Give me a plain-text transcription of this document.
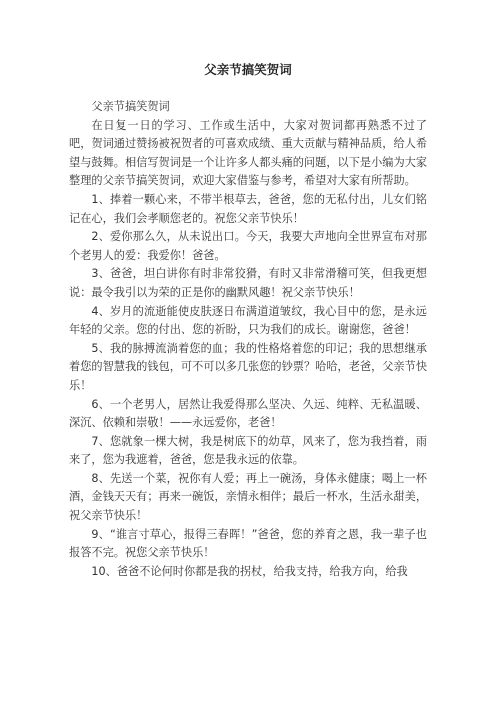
父亲节搞笑贺词

父亲节搞笑贺词

在日复一日的学习、工作或生活中，大家对贺词都再熟悉不过了吧，贺词通过赞扬被祝贺者的可喜欢成绩、重大贡献与精神品质，给人希望与鼓舞。相信写贺词是一个让许多人都头痛的问题，以下是小编为大家整理的父亲节搞笑贺词，欢迎大家借鉴与参考，希望对大家有所帮助。

1、捧着一颗心来，不带半根草去，爸爸，您的无私付出，儿女们铭记在心，我们会孝顺您老的。祝您父亲节快乐！

2、爱你那么久，从未说出口。今天，我要大声地向全世界宣布对那个老男人的爱：我爱你！爸爸。

3、爸爸，坦白讲你有时非常狡猾，有时又非常滑稽可笑，但我更想说：最令我引以为荣的正是你的幽默风趣！祝父亲节快乐！

4、岁月的流逝能使皮肤逐日布满道道皱纹，我心目中的您，是永远年轻的父亲。您的付出、您的祈盼，只为我们的成长。谢谢您，爸爸！

5、我的脉搏流淌着您的血；我的性格烙着您的印记；我的思想继承着您的智慧我的钱包，可不可以多几张您的钞票？哈哈，老爸，父亲节快乐！

6、一个老男人，居然让我爱得那么坚决、久远、纯粹、无私温暖、深沉、依赖和崇敬！——永远爱你，老爸！

7、您就象一棵大树，我是树底下的幼草，风来了，您为我挡着，雨来了，您为我遮着，爸爸，您是我永远的依靠。

8、先送一个菜，祝你有人爱；再上一碗汤，身体永健康；喝上一杯酒，金钱天天有；再来一碗饭，亲情永相伴；最后一杯水，生活永甜美，祝父亲节快乐！

9、“谁言寸草心，报得三春晖！”爸爸，您的养育之恩，我一辈子也报答不完。祝您父亲节快乐！

10、爸爸不论何时你都是我的拐杖，给我支持，给我方向，给我
